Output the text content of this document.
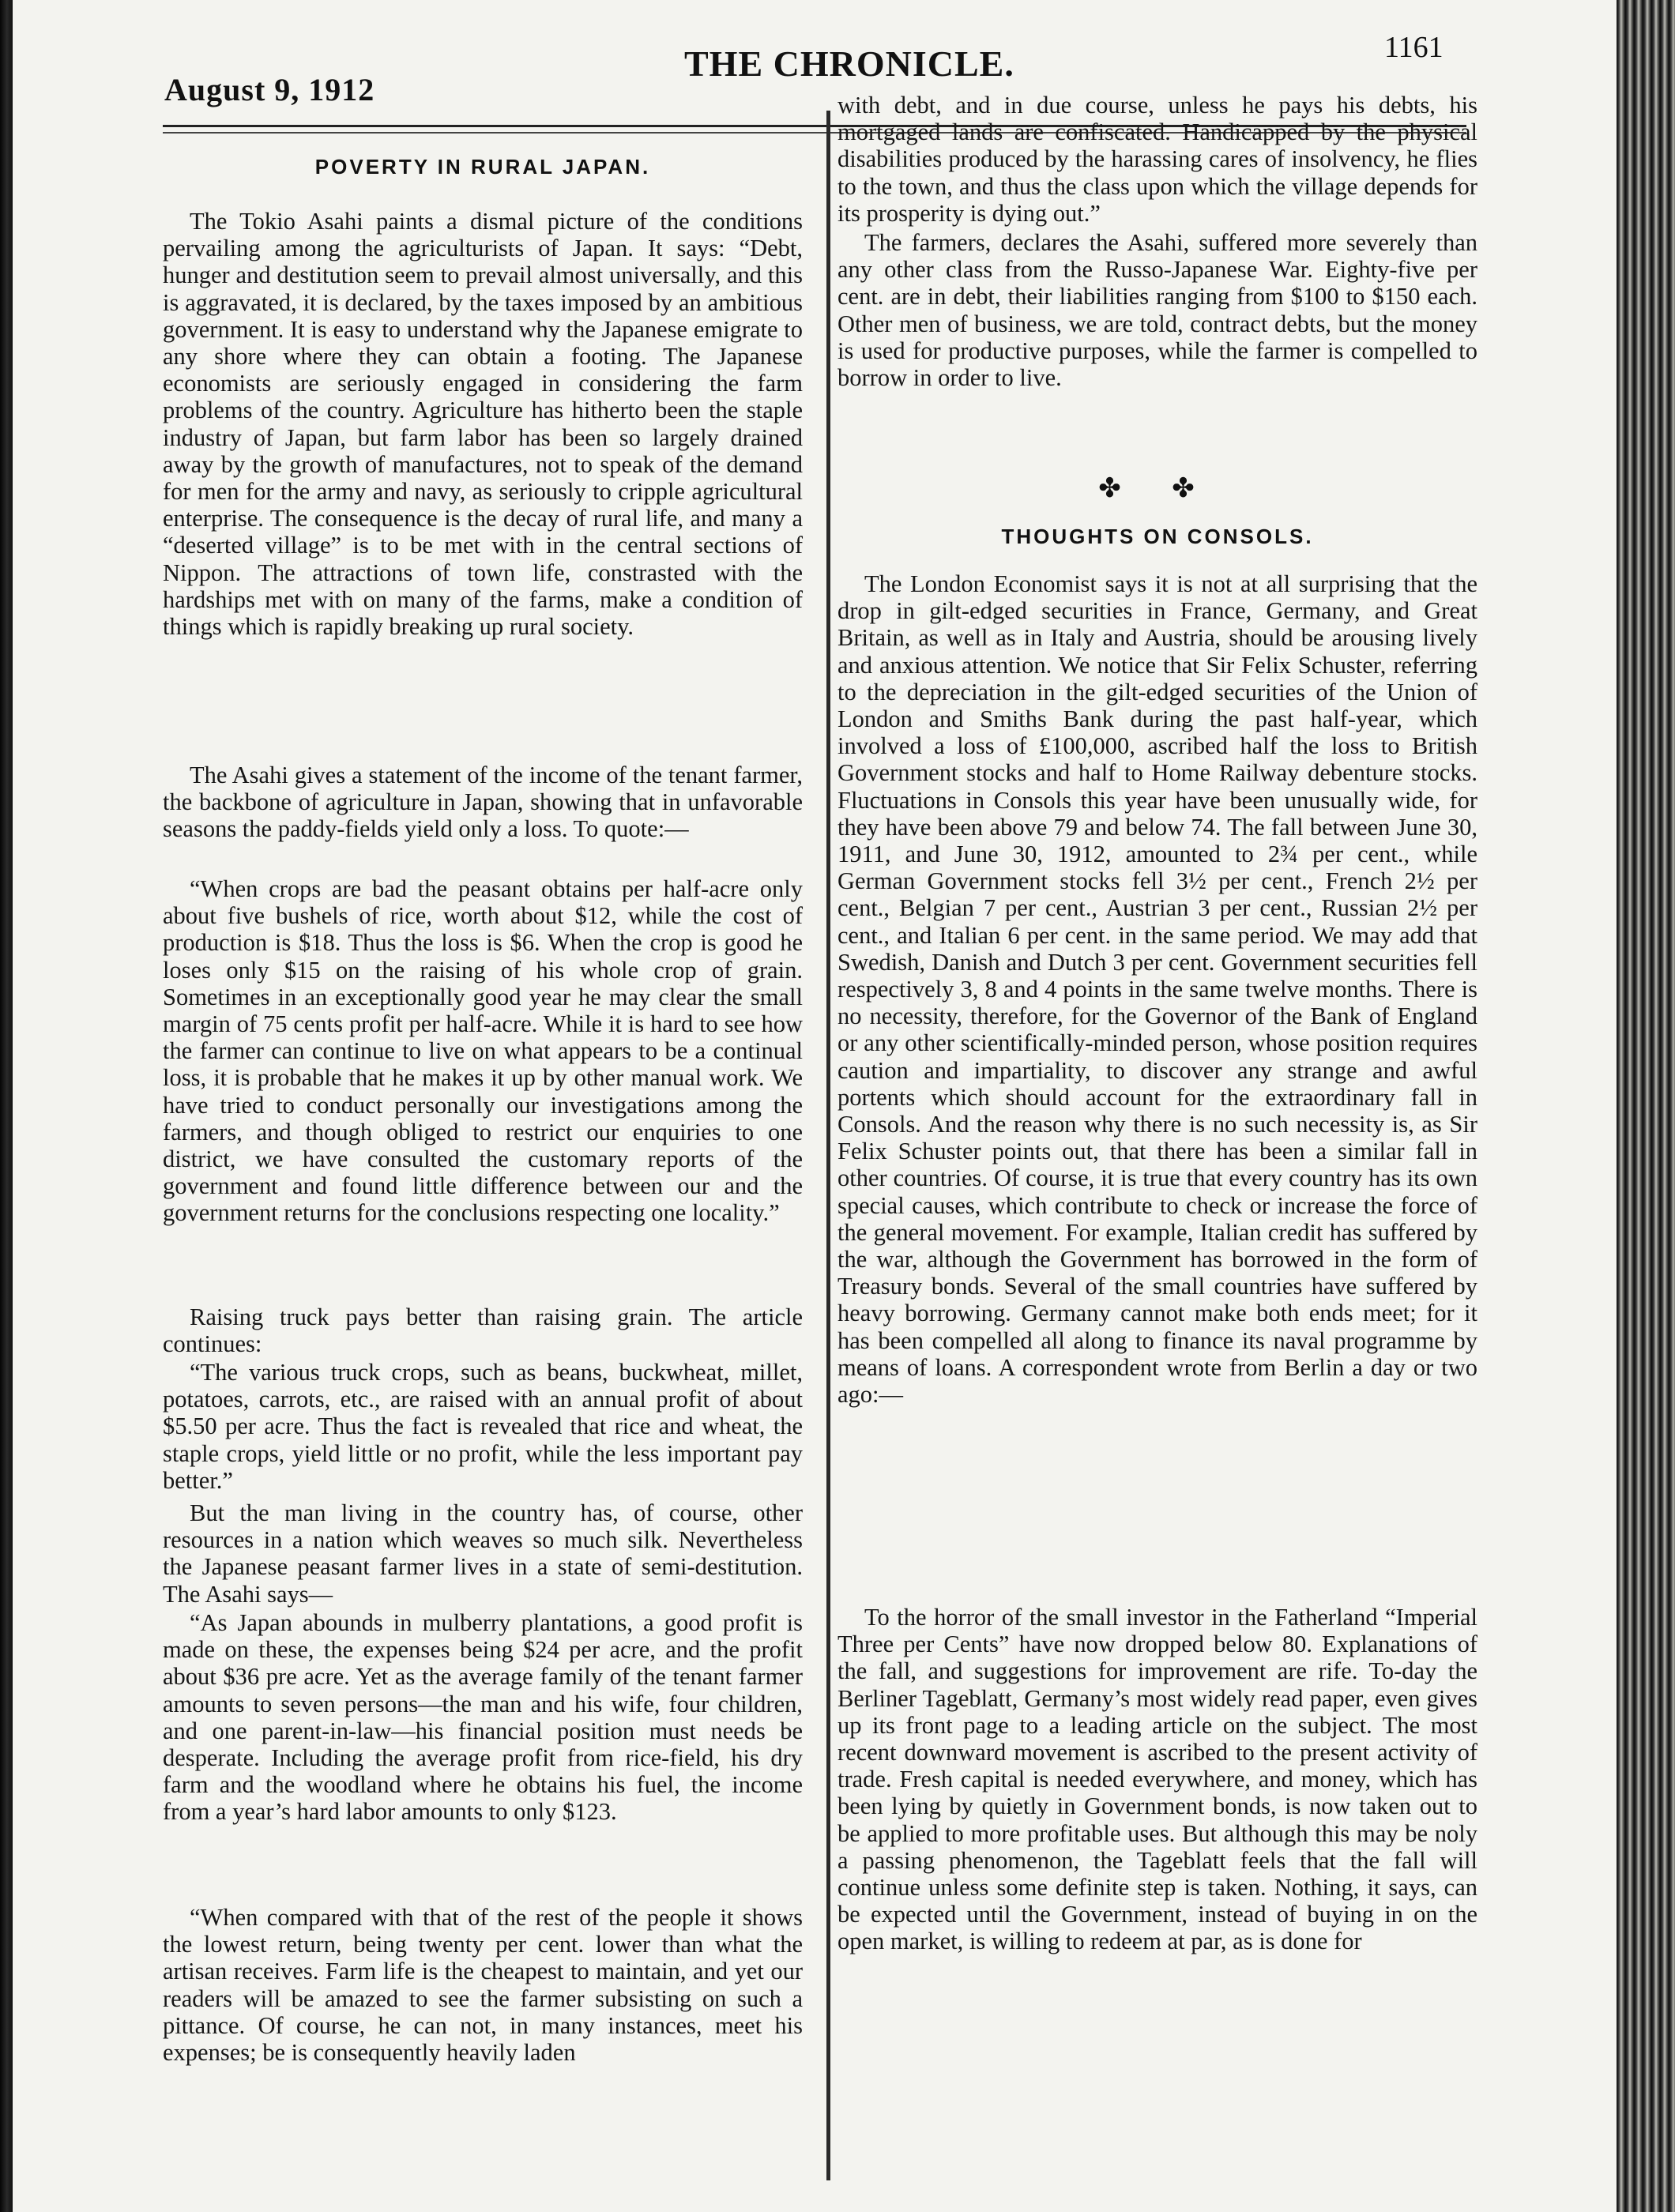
August 9, 1912
THE CHRONICLE.	1161
POVERTY IN RURAL JAPAN.

The Tokio Asahi paints a dismal picture of the conditions pervailing among the agriculturists of Japan. It says: “Debt, hunger and destitution seem to prevail almost universally, and this is aggravated, it is declared, by the taxes imposed by an ambitious government. It is easy to understand why the Japanese emigrate to any shore where they can obtain a footing. The Japanese economists are seriously engaged in considering the farm problems of the country. Agriculture has hitherto been the staple industry of Japan, but farm labor has been so largely drained away by the growth of manufactures, not to speak of the demand for men for the army and navy, as seriously to cripple agricultural enterprise. The consequence is the decay of rural life, and many a “deserted village” is to be met with in the central sections of Nippon. The attractions of town life, constrasted with the hardships met with on many of the farms, make a condition of things which is rapidly breaking up rural society.

The Asahi gives a statement of the income of the tenant farmer, the backbone of agriculture in Japan, showing that in unfavorable seasons the paddy-fields yield only a loss. To quote:—

“When crops are bad the peasant obtains per half-acre only about five bushels of rice, worth about $12, while the cost of production is $18. Thus the loss is $6. When the crop is good he loses only $15 on the raising of his whole crop of grain. Sometimes in an exceptionally good year he may clear the small margin of 75 cents profit per half-acre. While it is hard to see how the farmer can continue to live on what appears to be a continual loss, it is probable that he makes it up by other manual work. We have tried to conduct personally our investigations among the farmers, and though obliged to restrict our enquiries to one district, we have consulted the customary reports of the government and found little difference between our and the government returns for the conclusions respecting one locality.”

Raising truck pays better than raising grain. The article continues:

“The various truck crops, such as beans, buckwheat, millet, potatoes, carrots, etc., are raised with an annual profit of about $5.50 per acre. Thus the fact is revealed that rice and wheat, the staple crops, yield little or no profit, while the less important pay better.”

But the man living in the country has, of course, other resources in a nation which weaves so much silk. Nevertheless the Japanese peasant farmer lives in a state of semi-destitution. The Asahi says—

“As Japan abounds in mulberry plantations, a good profit is made on these, the expenses being $24 per acre, and the profit about $36 pre acre. Yet as the average family of the tenant farmer amounts to seven persons—the man and his wife, four children, and one parent-in-law—his financial position must needs be desperate. Including the average profit from rice-field, his dry farm and the woodland where he obtains his fuel, the income from a year’s hard labor amounts to only $123.

“When compared with that of the rest of the people it shows the lowest return, being twenty per cent. lower than what the artisan receives. Farm life is the cheapest to maintain, and yet our readers will be amazed to see the farmer subsisting on such a pittance. Of course, he can not, in many instances, meet his expenses; be is consequently heavily laden

with debt, and in due course, unless he pays his debts, his mortgaged lands are confiscated. Handicapped by the physical disabilities produced by the harassing cares of insolvency, he flies to the town, and thus the class upon which the village depends for its prosperity is dying out.”

The farmers, declares the Asahi, suffered more severely than any other class from the Russo-Japanese War. Eighty-five per cent. are in debt, their liabilities ranging from $100 to $150 each. Other men of business, we are told, contract debts, but the money is used for productive purposes, while the farmer is compelled to borrow in order to live.

✤ ✤
THOUGHTS ON CONSOLS.

The London Economist says it is not at all surprising that the drop in gilt-edged securities in France, Germany, and Great Britain, as well as in Italy and Austria, should be arousing lively and anxious attention. We notice that Sir Felix Schuster, referring to the depreciation in the gilt-edged securities of the Union of London and Smiths Bank during the past half-year, which involved a loss of £100,000, ascribed half the loss to British Government stocks and half to Home Railway debenture stocks. Fluctuations in Consols this year have been unusually wide, for they have been above 79 and below 74. The fall between June 30, 1911, and June 30, 1912, amounted to 2¾ per cent., while German Government stocks fell 3½ per cent., French 2½ per cent., Belgian 7 per cent., Austrian 3 per cent., Russian 2½ per cent., and Italian 6 per cent. in the same period. We may add that Swedish, Danish and Dutch 3 per cent. Government securities fell respectively 3, 8 and 4 points in the same twelve months. There is no necessity, therefore, for the Governor of the Bank of England or any other scientifically-minded person, whose position requires caution and impartiality, to discover any strange and awful portents which should account for the extraordinary fall in Consols. And the reason why there is no such necessity is, as Sir Felix Schuster points out, that there has been a similar fall in other countries. Of course, it is true that every country has its own special causes, which contribute to check or increase the force of the general movement. For example, Italian credit has suffered by the war, although the Government has borrowed in the form of Treasury bonds. Several of the small countries have suffered by heavy borrowing. Germany cannot make both ends meet; for it has been compelled all along to finance its naval programme by means of loans. A correspondent wrote from Berlin a day or two ago:—

To the horror of the small investor in the Fatherland “Imperial Three per Cents” have now dropped below 80. Explanations of the fall, and suggestions for improvement are rife. To-day the Berliner Tageblatt, Germany’s most widely read paper, even gives up its front page to a leading article on the subject. The most recent downward movement is ascribed to the present activity of trade. Fresh capital is needed everywhere, and money, which has been lying by quietly in Government bonds, is now taken out to be applied to more profitable uses. But although this may be noly a passing phenomenon, the Tageblatt feels that the fall will continue unless some definite step is taken. Nothing, it says, can be expected until the Government, instead of buying in on the open market, is willing to redeem at par, as is done for
